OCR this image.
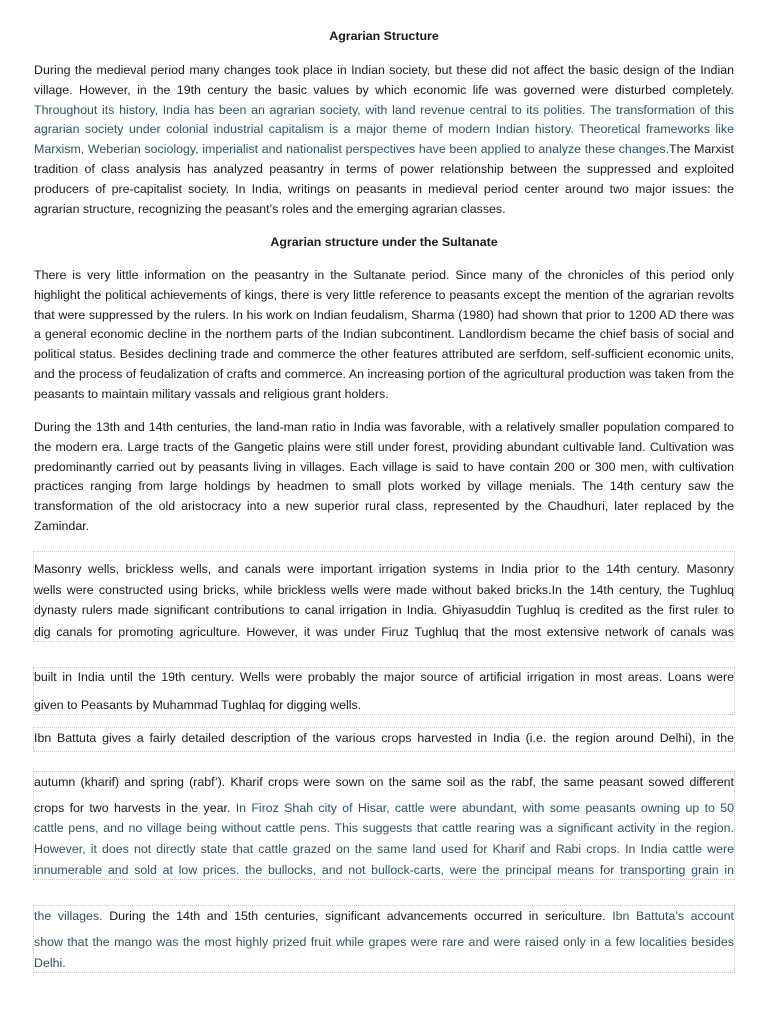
Agrarian Structure

During the medieval period many changes took place in Indian society, but these did not affect the basic design of the Indian village. However, in the 19th century the basic values by which economic life was governed were disturbed completely. Throughout its history, India has been an agrarian society, with land revenue central to its polities. The transformation of this agrarian society under colonial industrial capitalism is a major theme of modern Indian history. Theoretical frameworks like Marxism, Weberian sociology, imperialist and nationalist perspectives have been applied to analyze these changes.The Marxist tradition of class analysis has analyzed peasantry in terms of power relationship between the suppressed and exploited producers of pre-capitalist society. In India, writings on peasants in medieval period center around two major issues: the agrarian structure, recognizing the peasant’s roles and the emerging agrarian classes.

Agrarian structure under the Sultanate

There is very little information on the peasantry in the Sultanate period. Since many of the chronicles of this period only highlight the political achievements of kings, there is very little reference to peasants except the mention of the agrarian revolts that were suppressed by the rulers. In his work on Indian feudalism, Sharma (1980) had shown that prior to 1200 AD there was a general economic decline in the northem parts of the Indian subcontinent. Landlordism became the chief basis of social and political status. Besides declining trade and commerce the other features attributed are serfdom, self-sufficient economic units, and the process of feudalization of crafts and commerce. An increasing portion of the agricultural production was taken from the peasants to maintain military vassals and religious grant holders.

During the 13th and 14th centuries, the land-man ratio in India was favorable, with a relatively smaller population compared to the modern era. Large tracts of the Gangetic plains were still under forest, providing abundant cultivable land. Cultivation was predominantly carried out by peasants living in villages. Each village is said to have contain 200 or 300 men, with cultivation practices ranging from large holdings by headmen to small plots worked by village menials. The 14th century saw the transformation of the old aristocracy into a new superior rural class, represented by the Chaudhuri, later replaced by the Zamindar.

Masonry wells, brickless wells, and canals were important irrigation systems in India prior to the 14th century. Masonry
wells were constructed using bricks, while brickless wells were made without baked bricks.In the 14th century, the Tughluq
dynasty rulers made significant contributions to canal irrigation in India. Ghiyasuddin Tughluq is credited as the first ruler to
dig canals for promoting agriculture. However, it was under Firuz Tughluq that the most extensive network of canals was
built in India until the 19th century. Wells were probably the major source of artificial irrigation in most areas. Loans were
given to Peasants by Muhammad Tughlaq for digging wells.
Ibn Battuta gives a fairly detailed description of the various crops harvested in India (i.e. the region around Delhi), in the
autumn (kharif) and spring (rabf’). Kharif crops were sown on the same soil as the rabf, the same peasant sowed different
crops for two harvests in the year. In Firoz Shah city of Hisar, cattle were abundant, with some peasants owning up to 50
cattle pens, and no village being without cattle pens. This suggests that cattle rearing was a significant activity in the region.
However, it does not directly state that cattle grazed on the same land used for Kharif and Rabi crops. In India cattle were
innumerable and sold at low prices. the bullocks, and not bullock-carts, were the principal means for transporting grain in
the villages. During the 14th and 15th centuries, significant advancements occurred in sericulture. Ibn Battuta’s account
show that the mango was the most highly prized fruit while grapes were rare and were raised only in a few localities besides
Delhi.
